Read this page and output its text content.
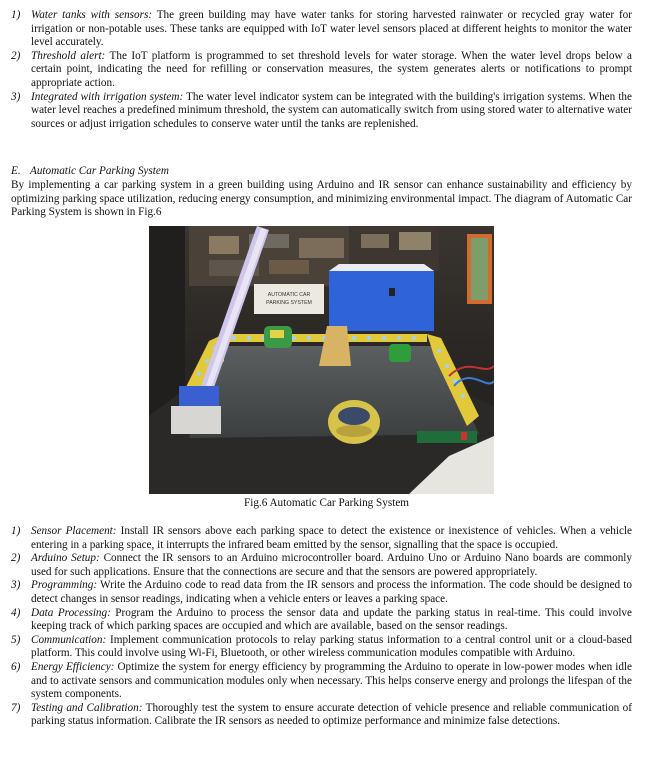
1) Water tanks with sensors: The green building may have water tanks for storing harvested rainwater or recycled gray water for irrigation or non-potable uses. These tanks are equipped with IoT water level sensors placed at different heights to monitor the water level accurately.
2) Threshold alert: The IoT platform is programmed to set threshold levels for water storage. When the water level drops below a certain point, indicating the need for refilling or conservation measures, the system generates alerts or notifications to prompt appropriate action.
3) Integrated with irrigation system: The water level indicator system can be integrated with the building's irrigation systems. When the water level reaches a predefined minimum threshold, the system can automatically switch from using stored water to alternative water sources or adjust irrigation schedules to conserve water until the tanks are replenished.
E. Automatic Car Parking System

By implementing a car parking system in a green building using Arduino and IR sensor can enhance sustainability and efficiency by optimizing parking space utilization, reducing energy consumption, and minimizing environmental impact. The diagram of Automatic Car Parking System is shown in Fig.6

AUTOMATIC CAR
PARKING SYSTEM
Fig.6 Automatic Car Parking System
1) Sensor Placement: Install IR sensors above each parking space to detect the existence or inexistence of vehicles. When a vehicle entering in a parking space, it interrupts the infrared beam emitted by the sensor, signalling that the space is occupied.
2) Arduino Setup: Connect the IR sensors to an Arduino microcontroller board. Arduino Uno or Arduino Nano boards are commonly used for such applications. Ensure that the connections are secure and that the sensors are powered appropriately.
3) Programming: Write the Arduino code to read data from the IR sensors and process the information. The code should be designed to detect changes in sensor readings, indicating when a vehicle enters or leaves a parking space.
4) Data Processing: Program the Arduino to process the sensor data and update the parking status in real-time. This could involve keeping track of which parking spaces are occupied and which are available, based on the sensor readings.
5) Communication: Implement communication protocols to relay parking status information to a central control unit or a cloud-based platform. This could involve using Wi-Fi, Bluetooth, or other wireless communication modules compatible with Arduino.
6) Energy Efficiency: Optimize the system for energy efficiency by programming the Arduino to operate in low-power modes when idle and to activate sensors and communication modules only when necessary. This helps conserve energy and prolongs the lifespan of the system components.
7) Testing and Calibration: Thoroughly test the system to ensure accurate detection of vehicle presence and reliable communication of parking status information. Calibrate the IR sensors as needed to optimize performance and minimize false detections.
